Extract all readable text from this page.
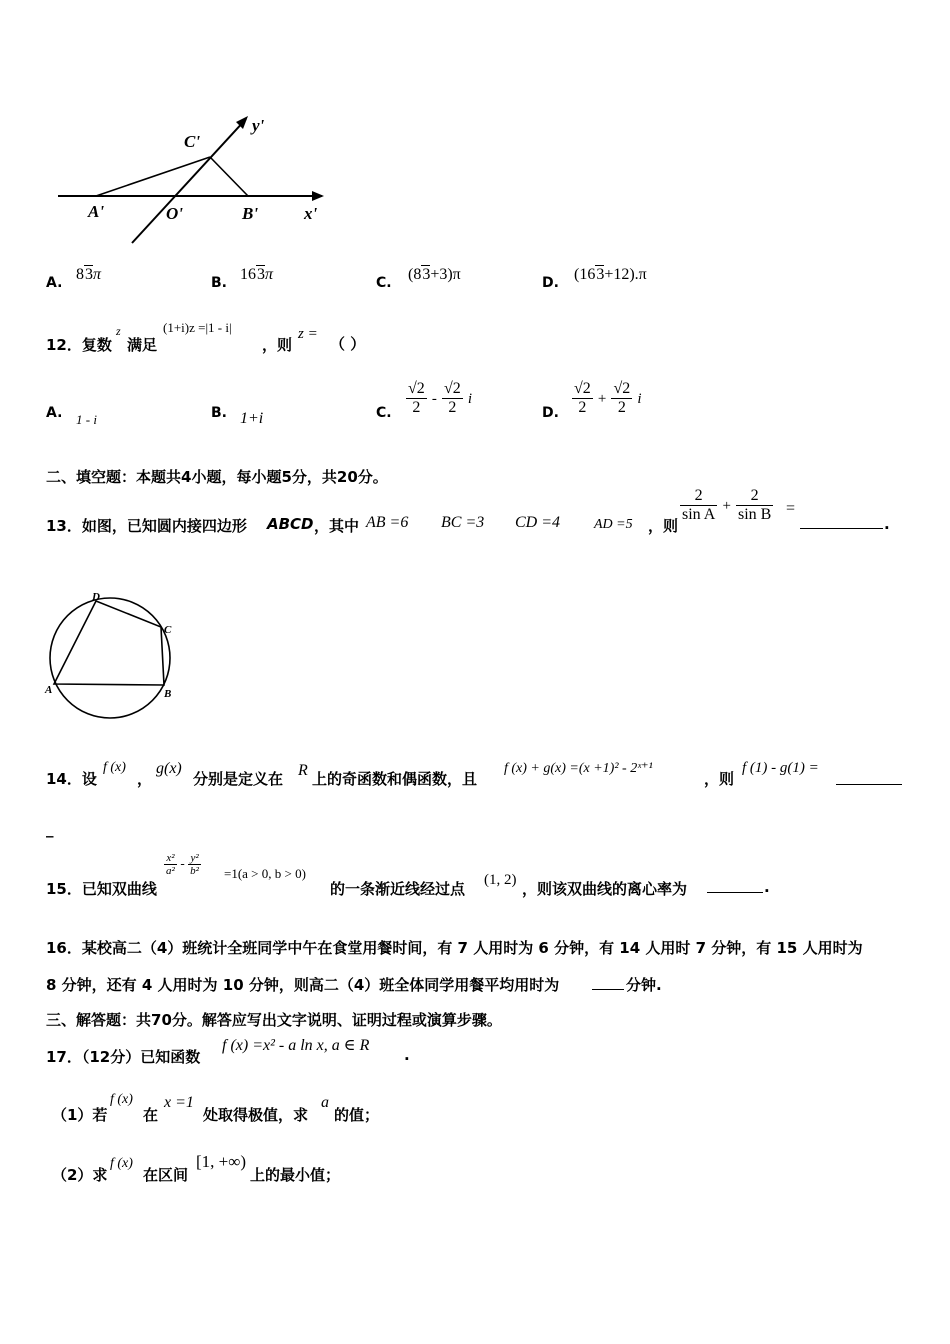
C'
y'
A'	O'	B'	x'
A. 83π	B. 163π	C. (83+3)π	D. (163+12).π
12．复数
z
满足
(1+i)z =|1 - i|
，则
z =
（ ）
A. 1 - i	B. 1+i	C. $\frac{√2}{2} - \frac{√2}{2}$ i
D. $\frac{√2}{2} + \frac{√2}{2}$ i
二、填空题：本题共4小题，每小题5分，共20分。
13．如图，已知圆内接四边形 ABCD ，其中 AB =6 BC =3 CD =4 AD =5 ，则
$\frac{2}{\text{sin A}} + \frac{2}{\text{sin B}}$ =
.
D
C
A	B
14．设
f (x)
，
g(x)
分别是定义在 R 上的奇函数和偶函数，且
f (x) + g(x) =(x +1)² - 2ˣ⁺¹
，则
f (1) - g(1) =
_
15．已知双曲线
$\frac{\text{x²}}{\text{a²}} - \frac{\text{y²}}{\text{b²}} =1(a > 0$, b > 0)
的一条渐近线经过点 (1, 2) ，则该双曲线的离心率为	.
16．某校高二（4）班统计全班同学中午在食堂用餐时间，有 7 人用时为 6 分钟，有 14 人用时 7 分钟，有 15 人用时为
8 分钟，还有 4 人用时为 10 分钟，则高二（4）班全体同学用餐平均用时为	分钟.
三、解答题：共70分。解答应写出文字说明、证明过程或演算步骤。
17．（12分）已知函数
f (x) =x² - a ln x, a ∈ R
.
（1）若
f (x)
在
x =1
处取得极值，求
a
的值；
（2）求
f (x)
在区间
[1, +∞)
上的最小值；
